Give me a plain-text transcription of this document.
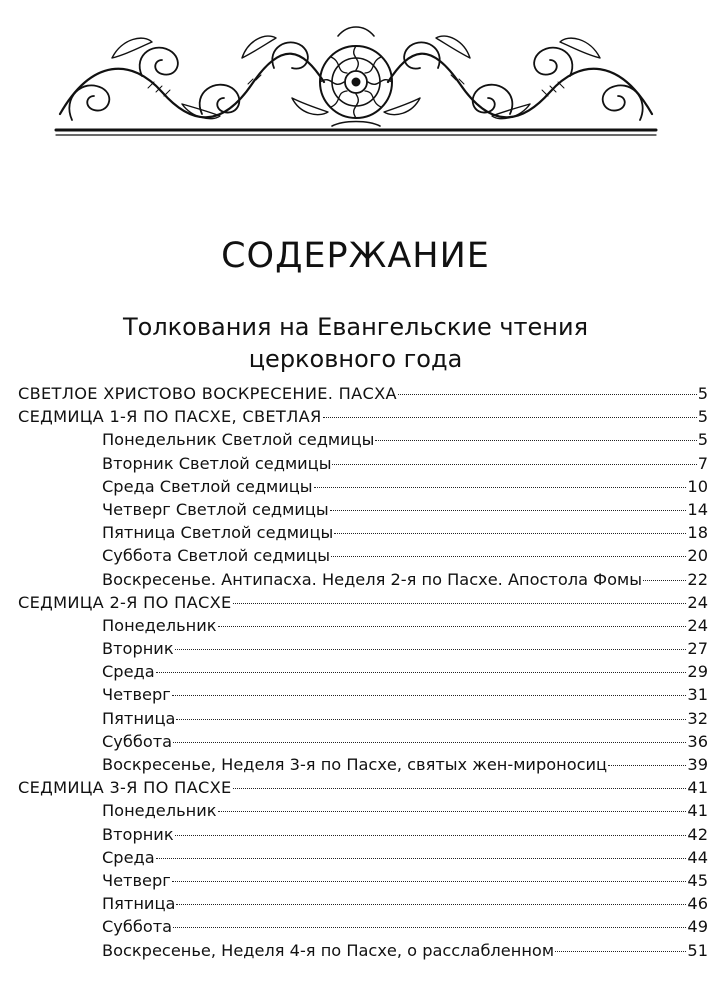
СОДЕРЖАНИЕ
Толкования на Евангельские чтения
церковного года
СВЕТЛОЕ ХРИСТОВО ВОСКРЕСЕНИЕ. ПАСХА	5
СЕДМИЦА 1-Я ПО ПАСХЕ, СВЕТЛАЯ	5
Понедельник Светлой седмицы	5
Вторник Светлой седмицы	7
Среда Светлой седмицы	10
Четверг Светлой седмицы	14
Пятница Светлой седмицы	18
Суббота Светлой седмицы	20
Воскресенье. Антипасха. Неделя 2-я по Пасхе. Апостола Фомы	22
СЕДМИЦА 2-Я ПО ПАСХЕ	24
Понедельник	24
Вторник	27
Среда	29
Четверг	31
Пятница	32
Суббота	36
Воскресенье, Неделя 3-я по Пасхе, святых жен-мироносиц	39
СЕДМИЦА 3-Я ПО ПАСХЕ	41
Понедельник	41
Вторник	42
Среда	44
Четверг	45
Пятница	46
Суббота	49
Воскресенье, Неделя 4-я по Пасхе, о расслабленном	51
